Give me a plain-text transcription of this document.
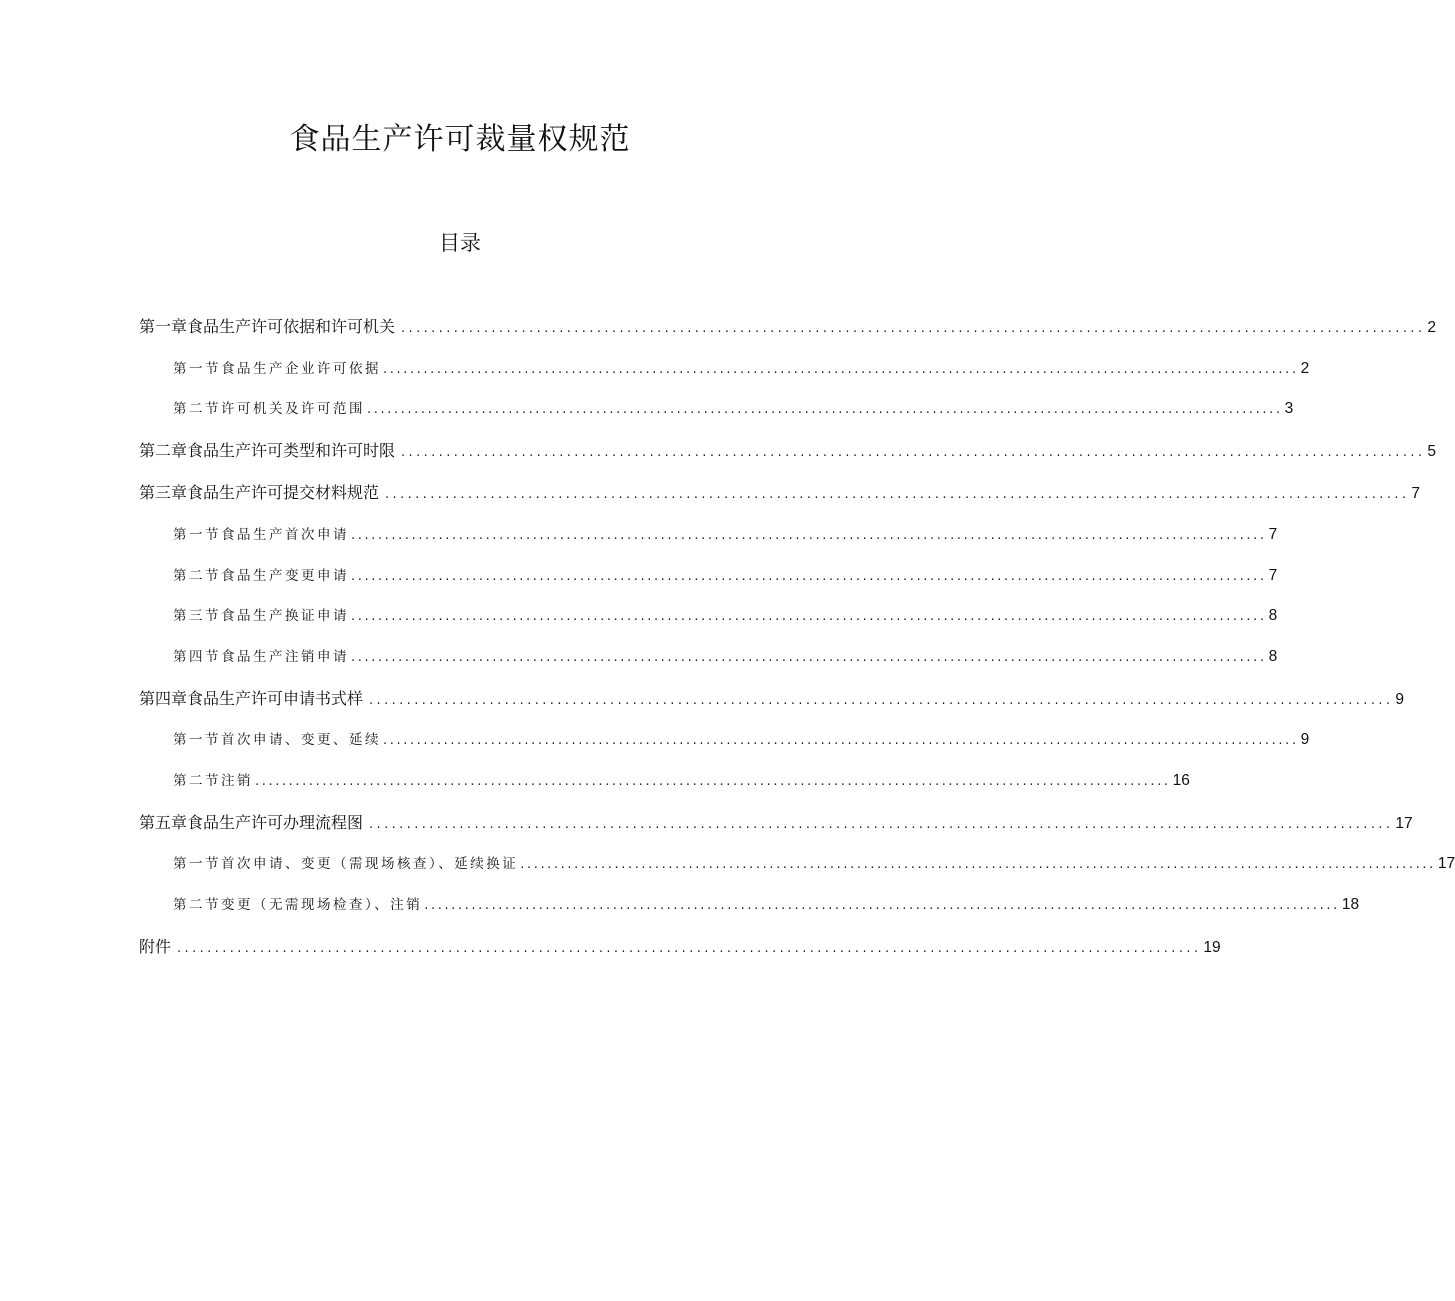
食品生产许可裁量权规范
目录
第一章食品生产许可依据和许可机关 ........................................................................................................................................ 2
第一节食品生产企业许可依据 ........................................................................................................................................ 2
第二节许可机关及许可范围 ........................................................................................................................................ 3
第二章食品生产许可类型和许可时限 ........................................................................................................................................ 5
第三章食品生产许可提交材料规范 ........................................................................................................................................ 7
第一节食品生产首次申请 ........................................................................................................................................ 7
第二节食品生产变更申请 ........................................................................................................................................ 7
第三节食品生产换证申请 ........................................................................................................................................ 8
第四节食品生产注销申请 ........................................................................................................................................ 8
第四章食品生产许可申请书式样 ........................................................................................................................................ 9
第一节首次申请、变更、延续 ........................................................................................................................................ 9
第二节注销 ........................................................................................................................................ 16
第五章食品生产许可办理流程图 ........................................................................................................................................ 17
第一节首次申请、变更（需现场核查）、延续换证 ........................................................................................................................................ 17
第二节变更（无需现场检查）、注销 ........................................................................................................................................ 18
附件 ........................................................................................................................................ 19
